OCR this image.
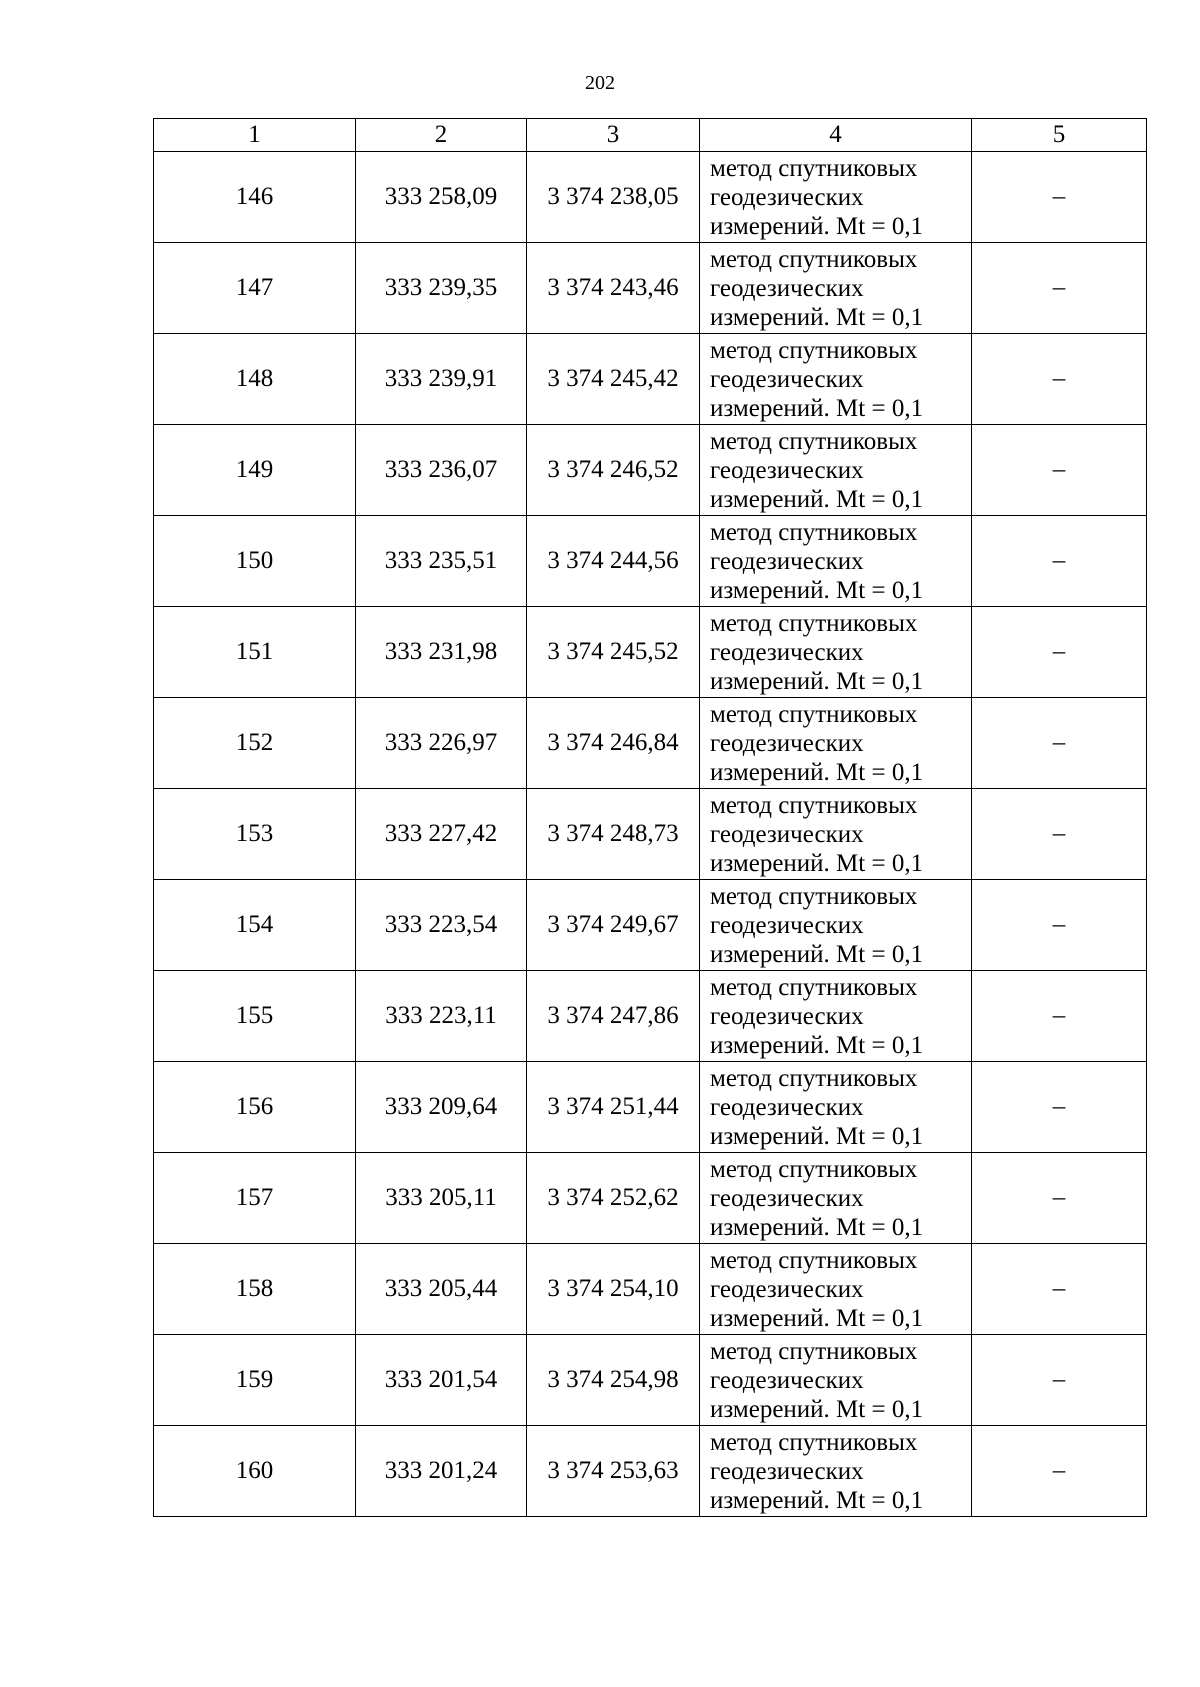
202
1	2	3	4	5
146	333 258,09	3 374 238,05	метод спутниковых
геодезических
измерений. Mt = 0,1	–
147	333 239,35	3 374 243,46	метод спутниковых
геодезических
измерений. Mt = 0,1	–
148	333 239,91	3 374 245,42	метод спутниковых
геодезических
измерений. Mt = 0,1	–
149	333 236,07	3 374 246,52	метод спутниковых
геодезических
измерений. Mt = 0,1	–
150	333 235,51	3 374 244,56	метод спутниковых
геодезических
измерений. Mt = 0,1	–
151	333 231,98	3 374 245,52	метод спутниковых
геодезических
измерений. Mt = 0,1	–
152	333 226,97	3 374 246,84	метод спутниковых
геодезических
измерений. Mt = 0,1	–
153	333 227,42	3 374 248,73	метод спутниковых
геодезических
измерений. Mt = 0,1	–
154	333 223,54	3 374 249,67	метод спутниковых
геодезических
измерений. Mt = 0,1	–
155	333 223,11	3 374 247,86	метод спутниковых
геодезических
измерений. Mt = 0,1	–
156	333 209,64	3 374 251,44	метод спутниковых
геодезических
измерений. Mt = 0,1	–
157	333 205,11	3 374 252,62	метод спутниковых
геодезических
измерений. Mt = 0,1	–
158	333 205,44	3 374 254,10	метод спутниковых
геодезических
измерений. Mt = 0,1	–
159	333 201,54	3 374 254,98	метод спутниковых
геодезических
измерений. Mt = 0,1	–
160	333 201,24	3 374 253,63	метод спутниковых
геодезических
измерений. Mt = 0,1	–
